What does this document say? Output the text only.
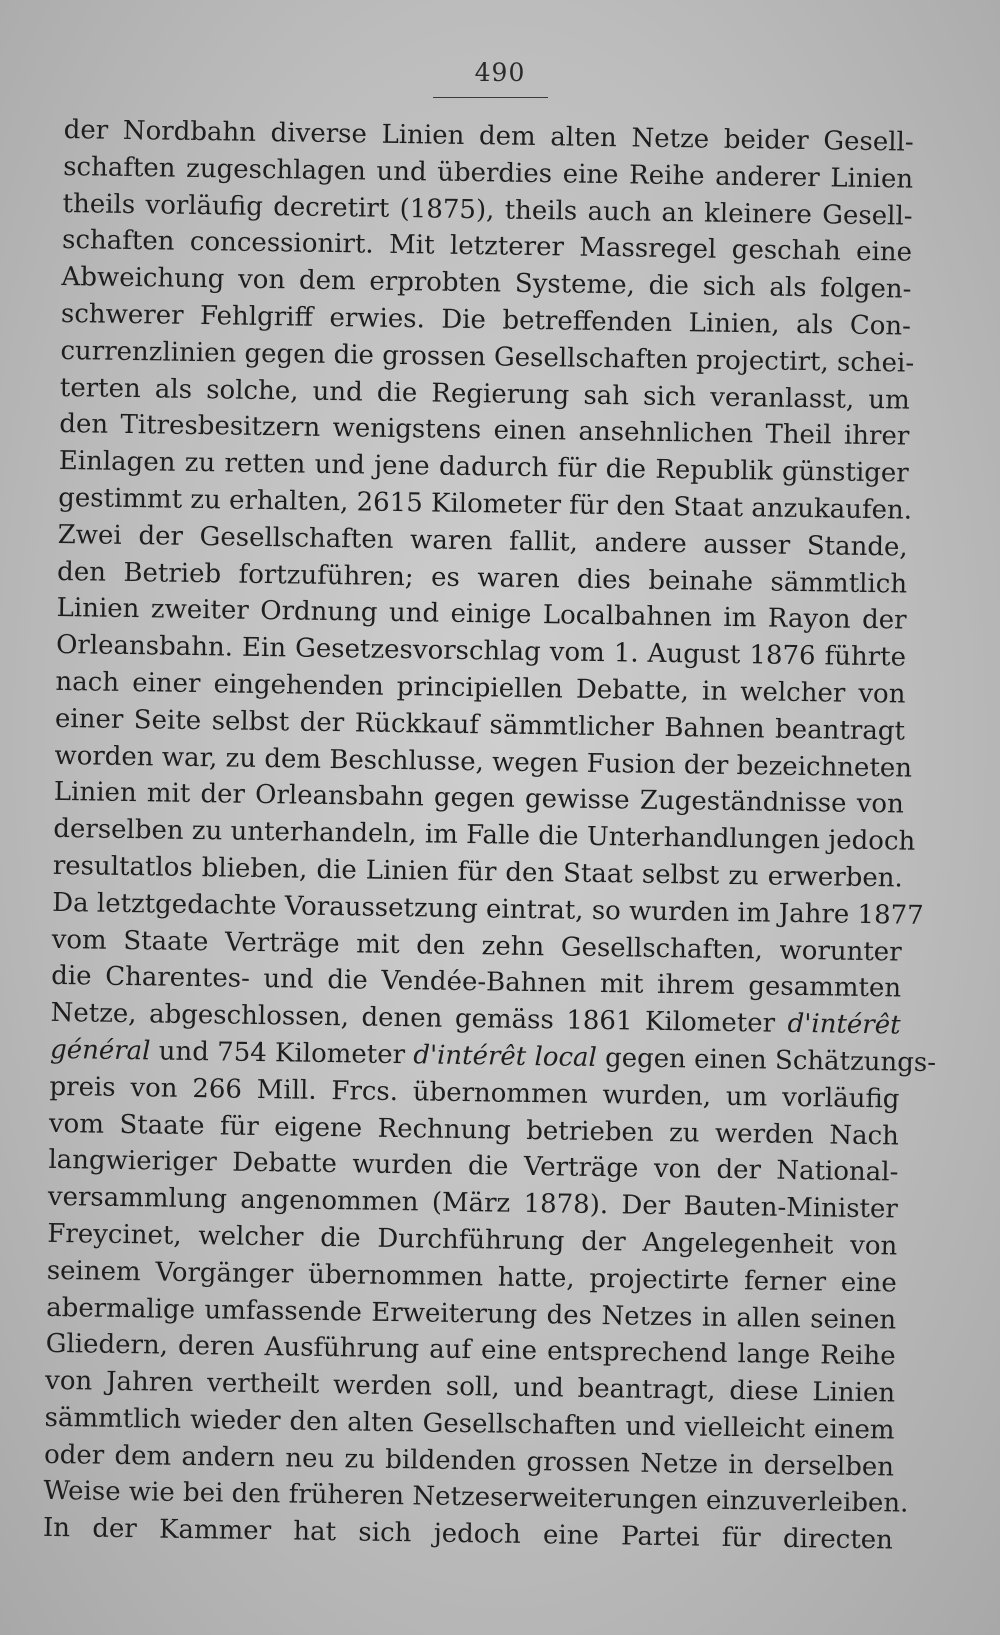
490
der Nordbahn diverse Linien dem alten Netze beider Gesell-
schaften zugeschlagen und überdies eine Reihe anderer Linien
theils vorläufig decretirt (1875), theils auch an kleinere Gesell-
schaften concessionirt. Mit letzterer Massregel geschah eine
Abweichung von dem erprobten Systeme, die sich als folgen-
schwerer Fehlgriff erwies. Die betreffenden Linien, als Con-
currenzlinien gegen die grossen Gesellschaften projectirt, schei-
terten als solche, und die Regierung sah sich veranlasst, um
den Titresbesitzern wenigstens einen ansehnlichen Theil ihrer
Einlagen zu retten und jene dadurch für die Republik günstiger
gestimmt zu erhalten, 2615 Kilometer für den Staat anzukaufen.
Zwei der Gesellschaften waren fallit, andere ausser Stande,
den Betrieb fortzuführen; es waren dies beinahe sämmtlich
Linien zweiter Ordnung und einige Localbahnen im Rayon der
Orleansbahn. Ein Gesetzesvorschlag vom 1. August 1876 führte
nach einer eingehenden principiellen Debatte, in welcher von
einer Seite selbst der Rückkauf sämmtlicher Bahnen beantragt
worden war, zu dem Beschlusse, wegen Fusion der bezeichneten
Linien mit der Orleansbahn gegen gewisse Zugeständnisse von
derselben zu unterhandeln, im Falle die Unterhandlungen jedoch
resultatlos blieben, die Linien für den Staat selbst zu erwerben.
Da letztgedachte Voraussetzung eintrat, so wurden im Jahre 1877
vom Staate Verträge mit den zehn Gesellschaften, worunter
die Charentes- und die Vendée-Bahnen mit ihrem gesammten
Netze, abgeschlossen, denen gemäss 1861 Kilometer d'intérêt
général und 754 Kilometer d'intérêt local gegen einen Schätzungs-
preis von 266 Mill. Frcs. übernommen wurden, um vorläufig
vom Staate für eigene Rechnung betrieben zu werden Nach
langwieriger Debatte wurden die Verträge von der National-
versammlung angenommen (März 1878). Der Bauten-Minister
Freycinet, welcher die Durchführung der Angelegenheit von
seinem Vorgänger übernommen hatte, projectirte ferner eine
abermalige umfassende Erweiterung des Netzes in allen seinen
Gliedern, deren Ausführung auf eine entsprechend lange Reihe
von Jahren vertheilt werden soll, und beantragt, diese Linien
sämmtlich wieder den alten Gesellschaften und vielleicht einem
oder dem andern neu zu bildenden grossen Netze in derselben
Weise wie bei den früheren Netzeserweiterungen einzuverleiben.
In der Kammer hat sich jedoch eine Partei für directen
